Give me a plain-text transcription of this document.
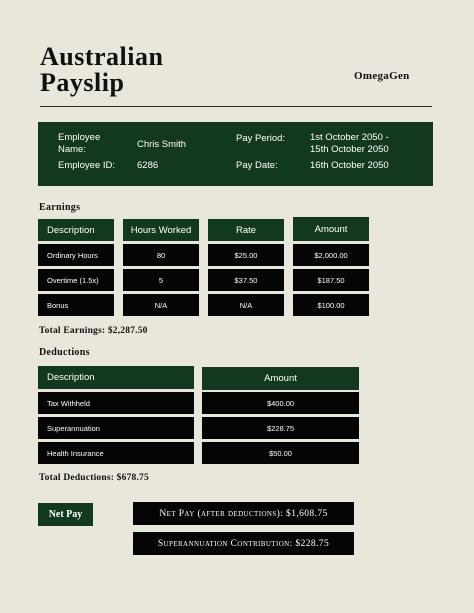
Australian
Payslip	OmegaGen
Employee
Name:	Chris Smith
Employee ID: 6286
Pay Period:	1st October 2050 -
15th October 2050
Pay Date:	16th October 2050
Earnings
Description	Hours Worked	Rate	Amount
Ordinary Hours	80	$25.00	$2,000.00
Overtime (1.5x)	5	$37.50	$187.50
Bonus	N/A	N/A	$100.00
Total Earnings: $2,287.50
Deductions
Description	Amount
Tax Withheld	$400.00
Superannuation	$228.75
Health Insurance	$50.00
Total Deductions: $678.75
Net Pay	Net Pay (after deductions): $1,608.75
Superannuation Contribution: $228.75
